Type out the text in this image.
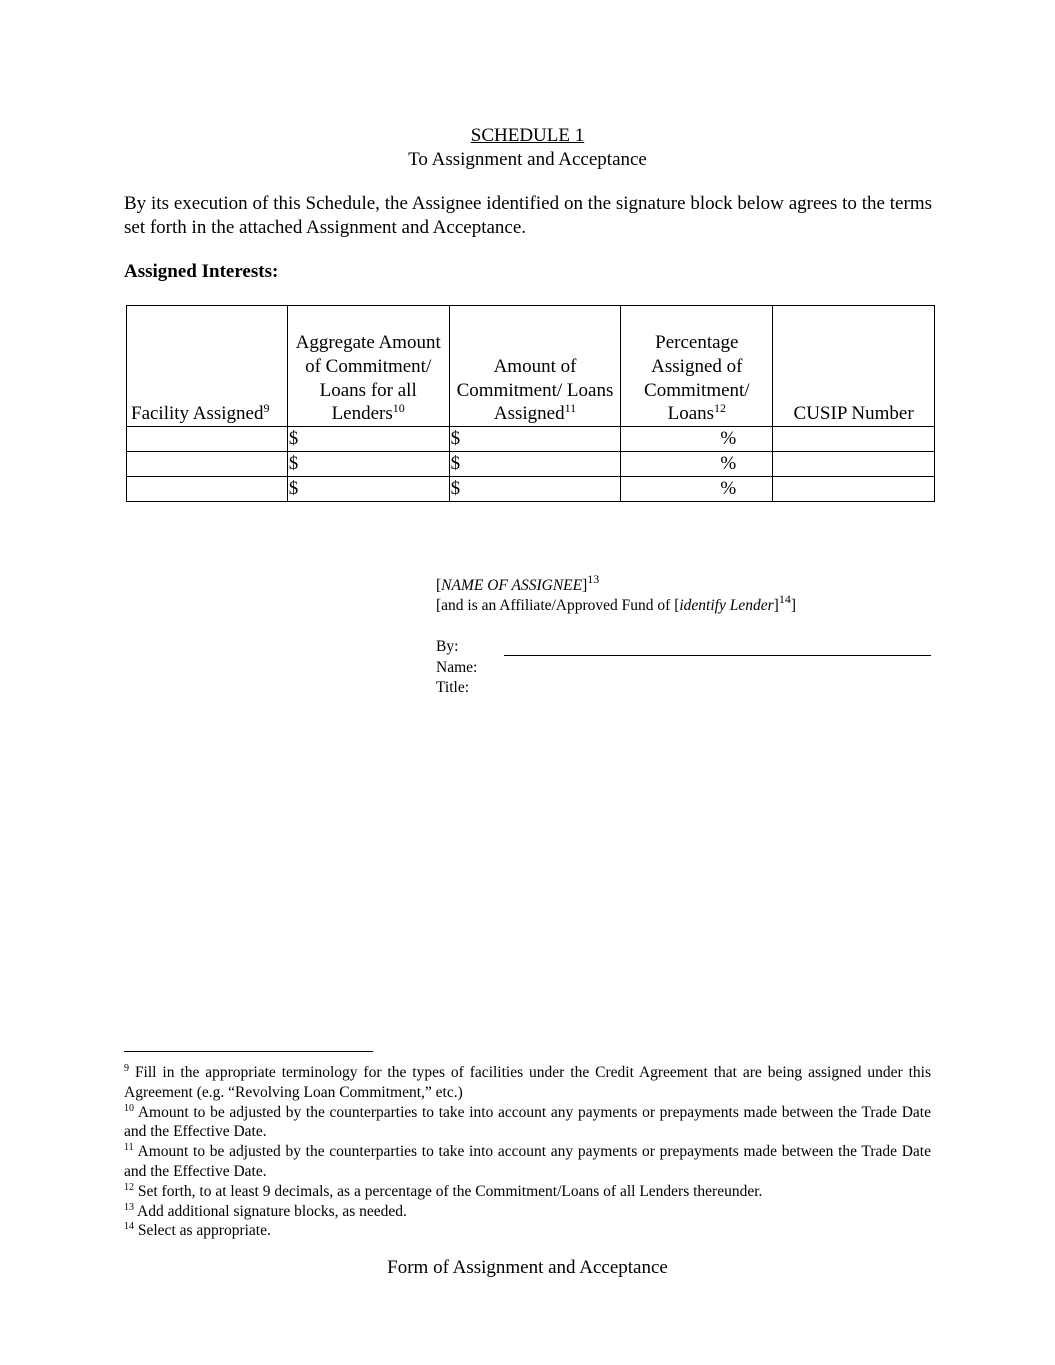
SCHEDULE 1
To Assignment and Acceptance

By its execution of this Schedule, the Assignee identified on the signature block below agrees to the terms set forth in the attached Assignment and Acceptance.

Assigned Interests:
Facility Assigned$^9$	Aggregate Amount of Commitment/ Loans for all Lenders$^{10}$	Amount of Commitment/ Loans Assigned$^{11}$	Percentage Assigned of Commitment/ Loans$^{12}$	CUSIP Number
	$	$	%	
	$	$	%	
	$	$	%	
[NAME OF ASSIGNEE]$^{13}$
[and is an Affiliate/Approved Fund of [identify Lender]$^{14}$]
By:
Name:
Title:

$^9$ Fill in the appropriate terminology for the types of facilities under the Credit Agreement that are being assigned under this Agreement (e.g. “Revolving Loan Commitment,” etc.)

$^{10}$ Amount to be adjusted by the counterparties to take into account any payments or prepayments made between the Trade Date and the Effective Date.

$^{11}$ Amount to be adjusted by the counterparties to take into account any payments or prepayments made between the Trade Date and the Effective Date.

$^{12}$ Set forth, to at least 9 decimals, as a percentage of the Commitment/Loans of all Lenders thereunder.

$^{13}$ Add additional signature blocks, as needed.

$^{14}$ Select as appropriate.

Form of Assignment and Acceptance
